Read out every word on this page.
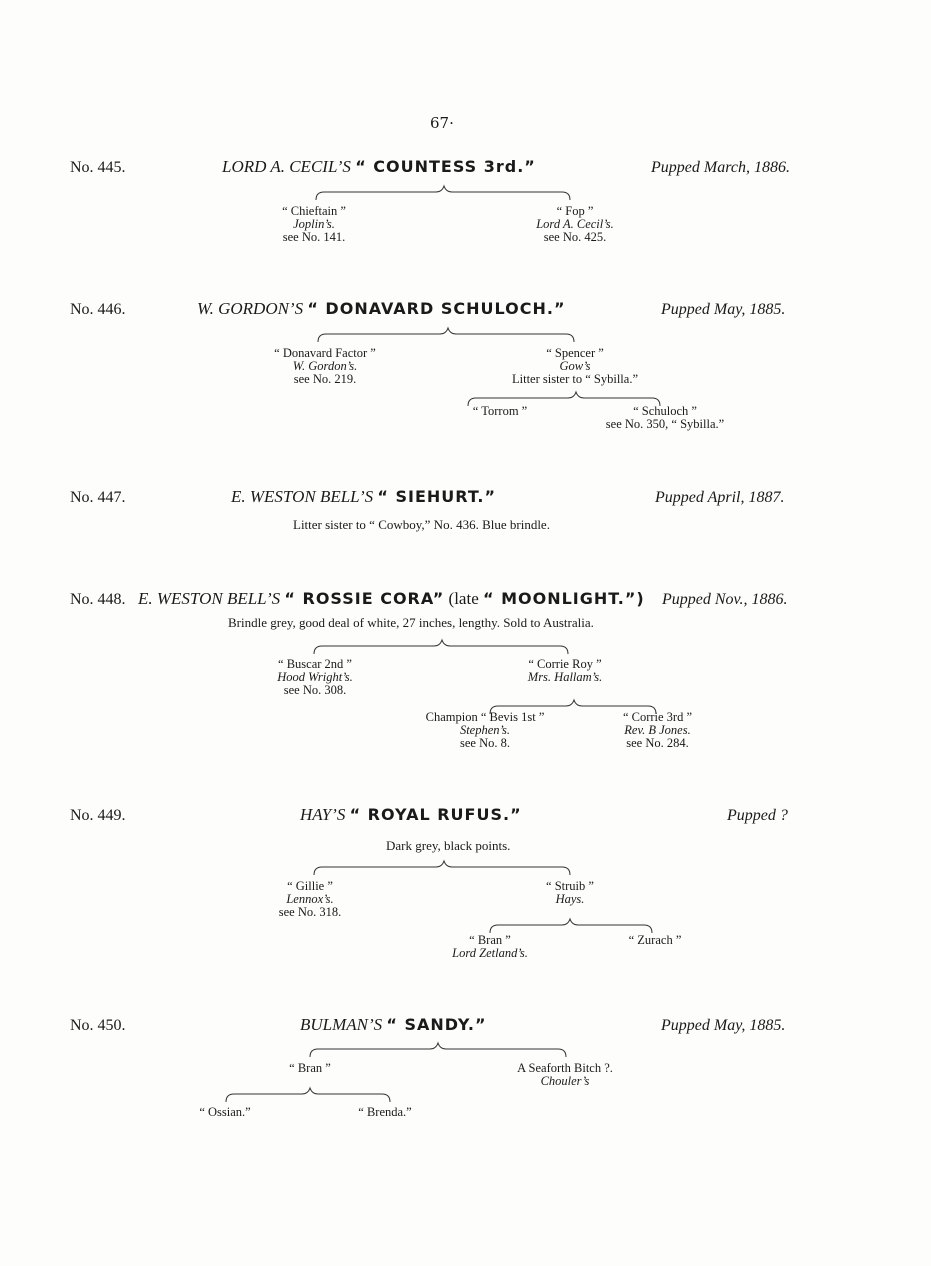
67·
No. 445.	LORD A. CECIL’S “ COUNTESS 3rd.”	Pupped March, 1886.
“ Chieftain ”
Joplin’s.
see No. 141.
“ Fop ”
Lord A. Cecil’s.
see No. 425.
No. 446.	W. GORDON’S “ DONAVARD SCHULOCH.”	Pupped May, 1885.
“ Donavard Factor ”
W. Gordon’s.
see No. 219.
“ Spencer ”
Gow’s
Litter sister to “ Sybilla.”
“ Torrom ”	“ Schuloch ”
see No. 350, “ Sybilla.”
No. 447.	E. WESTON BELL’S “ SIEHURT.”	Pupped April, 1887.
Litter sister to “ Cowboy,” No. 436. Blue brindle.
No. 448. E. WESTON BELL’S “ ROSSIE CORA” (late “ MOONLIGHT.”) Pupped Nov., 1886.
Brindle grey, good deal of white, 27 inches, lengthy. Sold to Australia.
“ Buscar 2nd ”
Hood Wright’s.
see No. 308.
“ Corrie Roy ”
Mrs. Hallam’s.
Champion “ Bevis 1st ”
Stephen’s.
see No. 8.
“ Corrie 3rd ”
Rev. B Jones.
see No. 284.
No. 449.	HAY’S “ ROYAL RUFUS.”	Pupped ?
Dark grey, black points.
“ Gillie ”
Lennox’s.
see No. 318.
“ Struib ”
Hays.
“ Bran ”
Lord Zetland’s.
“ Zurach ”
No. 450.	BULMAN’S “ SANDY.”	Pupped May, 1885.
“ Bran ”	A Seaforth Bitch ?.
Chouler’s
“ Ossian.”	“ Brenda.”
